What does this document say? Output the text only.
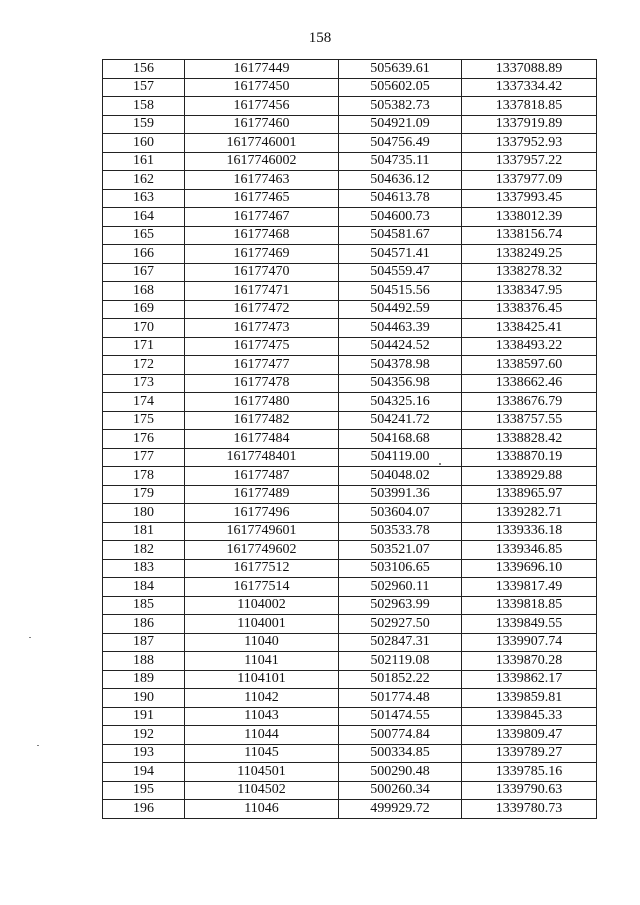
158
156	16177449	505639.61	1337088.89
157	16177450	505602.05	1337334.42
158	16177456	505382.73	1337818.85
159	16177460	504921.09	1337919.89
160	1617746001	504756.49	1337952.93
161	1617746002	504735.11	1337957.22
162	16177463	504636.12	1337977.09
163	16177465	504613.78	1337993.45
164	16177467	504600.73	1338012.39
165	16177468	504581.67	1338156.74
166	16177469	504571.41	1338249.25
167	16177470	504559.47	1338278.32
168	16177471	504515.56	1338347.95
169	16177472	504492.59	1338376.45
170	16177473	504463.39	1338425.41
171	16177475	504424.52	1338493.22
172	16177477	504378.98	1338597.60
173	16177478	504356.98	1338662.46
174	16177480	504325.16	1338676.79
175	16177482	504241.72	1338757.55
176	16177484	504168.68	1338828.42
177	1617748401	504119.00	1338870.19
178	16177487	504048.02	1338929.88
179	16177489	503991.36	1338965.97
180	16177496	503604.07	1339282.71
181	1617749601	503533.78	1339336.18
182	1617749602	503521.07	1339346.85
183	16177512	503106.65	1339696.10
184	16177514	502960.11	1339817.49
185	1104002	502963.99	1339818.85
186	1104001	502927.50	1339849.55
187	11040	502847.31	1339907.74
188	11041	502119.08	1339870.28
189	1104101	501852.22	1339862.17
190	11042	501774.48	1339859.81
191	11043	501474.55	1339845.33
192	11044	500774.84	1339809.47
193	11045	500334.85	1339789.27
194	1104501	500290.48	1339785.16
195	1104502	500260.34	1339790.63
196	11046	499929.72	1339780.73
